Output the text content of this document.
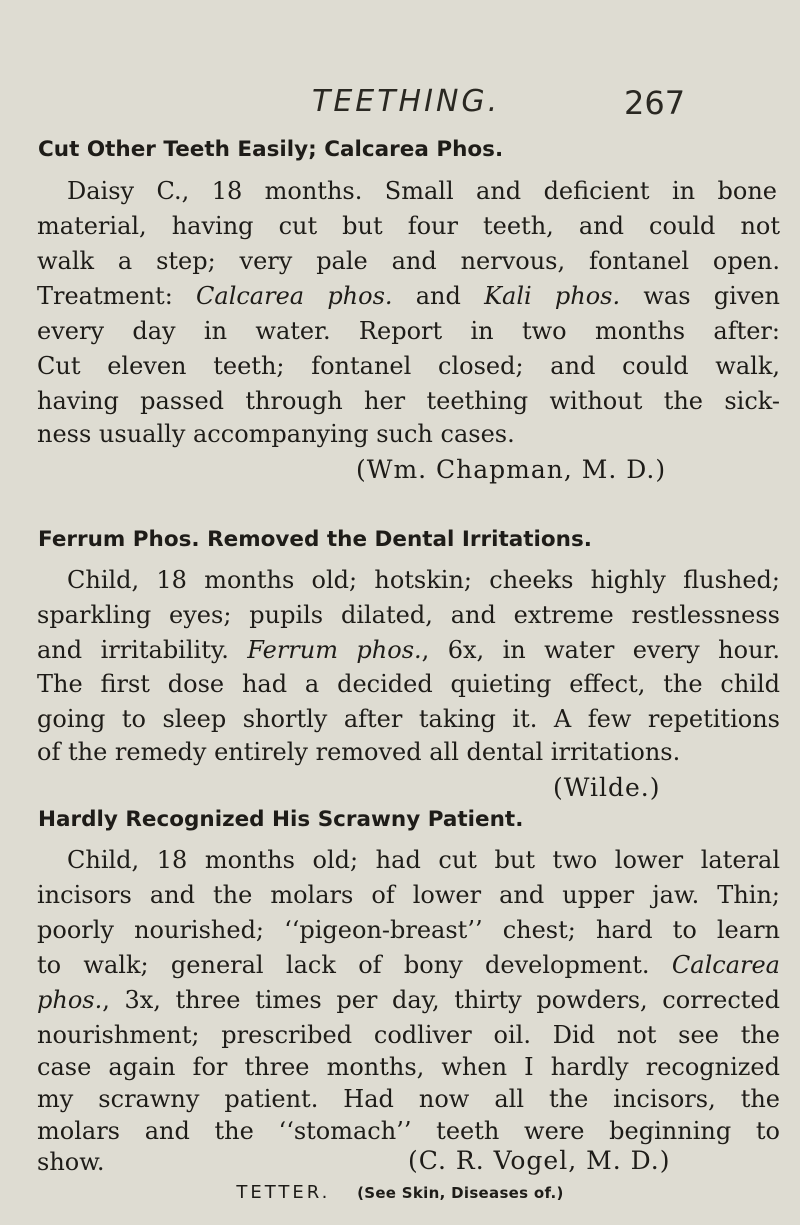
TEETHING.	267
Cut Other Teeth Easily; Calcarea Phos.
Daisy C., 18 months. Small and deficient in bone
material, having cut but four teeth, and could not
walk a step; very pale and nervous, fontanel open.
Treatment: Calcarea phos. and Kali phos. was given
every day in water. Report in two months after:
Cut eleven teeth; fontanel closed; and could walk,
having passed through her teething without the sick-
ness usually accompanying such cases.
(Wm. Chapman, M. D.)
Ferrum Phos. Removed the Dental Irritations.
Child, 18 months old; hotskin; cheeks highly flushed;
sparkling eyes; pupils dilated, and extreme restlessness
and irritability. Ferrum phos., 6x, in water every hour.
The first dose had a decided quieting effect, the child
going to sleep shortly after taking it. A few repetitions
of the remedy entirely removed all dental irritations.
(Wilde.)
Hardly Recognized His Scrawny Patient.
Child, 18 months old; had cut but two lower lateral
incisors and the molars of lower and upper jaw. Thin;
poorly nourished; ‘‘pigeon-breast’’ chest; hard to learn
to walk; general lack of bony development. Calcarea
phos., 3x, three times per day, thirty powders, corrected
nourishment; prescribed codliver oil. Did not see the
case again for three months, when I hardly recognized
my scrawny patient. Had now all the incisors, the
molars and the ‘‘stomach’’ teeth were beginning to
show.	(C. R. Vogel, M. D.)
TETTER. (See Skin, Diseases of.)
